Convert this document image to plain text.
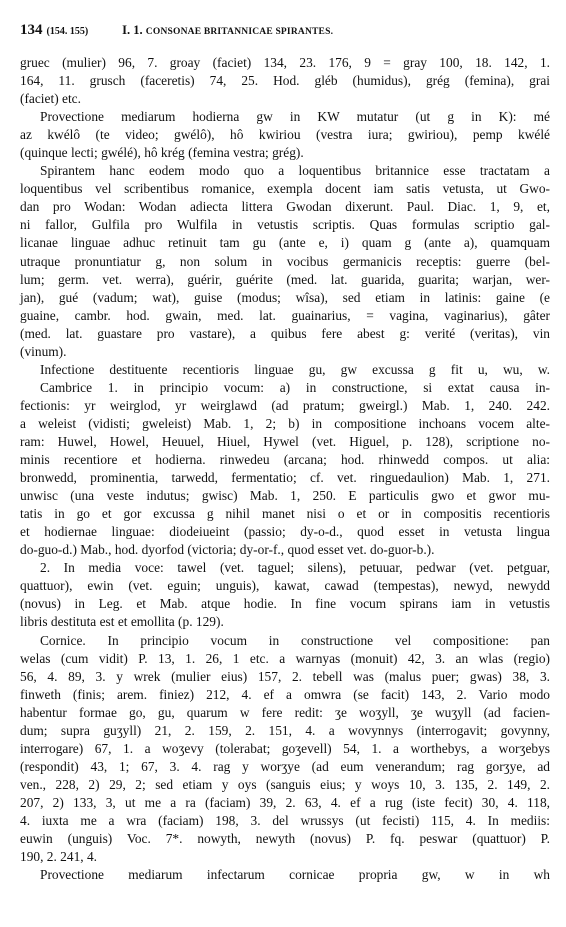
134 (154. 155)	I. 1. CONSONAE BRITANNICAE SPIRANTES.
gruec (mulier) 96, 7. groay (faciet) 134, 23. 176, 9 = gray 100, 18. 142, 1.
164, 11. grusch (faceretis) 74, 25. Hod. gléb (humidus), grég (femina), grai
(faciet) etc.
Provectione mediarum hodierna gw in KW mutatur (ut g in K): mé
az kwélô (te video; gwélô), hô kwiriou (vestra iura; gwiriou), pemp kwélé
(quinque lecti; gwélé), hô krég (femina vestra; grég).
Spirantem hanc eodem modo quo a loquentibus britannice esse tractatam a
loquentibus vel scribentibus romanice, exempla docent iam satis vetusta, ut Gwo-
dan pro Wodan: Wodan adiecta littera Gwodan dixerunt. Paul. Diac. 1, 9, et,
ni fallor, Gulfila pro Wulfila in vetustis scriptis. Quas formulas scriptio gal-
licanae linguae adhuc retinuit tam gu (ante e, i) quam g (ante a), quamquam
utraque pronuntiatur g, non solum in vocibus germanicis receptis: guerre (bel-
lum; germ. vet. werra), guérir, guérite (med. lat. guarida, guarita; warjan, wer-
jan), gué (vadum; wat), guise (modus; wîsa), sed etiam in latinis: gaine (e
guaine, cambr. hod. gwain, med. lat. guainarius, = vagina, vaginarius), gâter
(med. lat. guastare pro vastare), a quibus fere abest g: verité (veritas), vin
(vinum).
Infectione destituente recentioris linguae gu, gw excussa g fit u, wu, w.
Cambrice 1. in principio vocum: a) in constructione, si extat causa in-
fectionis: yr weirglod, yr weirglawd (ad pratum; gweirgl.) Mab. 1, 240. 242.
a weleist (vidisti; gweleist) Mab. 1, 2; b) in compositione inchoans vocem alte-
ram: Huwel, Howel, Heuuel, Hiuel, Hywel (vet. Higuel, p. 128), scriptione no-
minis recentiore et hodierna. rinwedeu (arcana; hod. rhinwedd compos. ut alia:
bronwedd, prominentia, tarwedd, fermentatio; cf. vet. ringuedaulion) Mab. 1, 271.
unwisc (una veste indutus; gwisc) Mab. 1, 250. E particulis gwo et gwor mu-
tatis in go et gor excussa g nihil manet nisi o et or in compositis recentioris
et hodiernae linguae: diodeiueint (passio; dy-o-d., quod esset in vetusta lingua
do-guo-d.) Mab., hod. dyorfod (victoria; dy-or-f., quod esset vet. do-guor-b.).
2. In media voce: tawel (vet. taguel; silens), petuuar, pedwar (vet. petguar,
quattuor), ewin (vet. eguin; unguis), kawat, cawad (tempestas), newyd, newydd
(novus) in Leg. et Mab. atque hodie. In fine vocum spirans iam in vetustis
libris destituta est et emollita (p. 129).
Cornice. In principio vocum in constructione vel compositione: pan
welas (cum vidit) P. 13, 1. 26, 1 etc. a warnyas (monuit) 42, 3. an wlas (regio)
56, 4. 89, 3. y wrek (mulier eius) 157, 2. tebell was (malus puer; gwas) 38, 3.
finweth (finis; arem. finiez) 212, 4. ef a omwra (se facit) 143, 2. Vario modo
habentur formae go, gu, quarum w fere redit: ʒe woʒyll, ʒe wuʒyll (ad facien-
dum; supra guʒyll) 21, 2. 159, 2. 151, 4. a wovynnys (interrogavit; govynny,
interrogare) 67, 1. a woʒevy (tolerabat; goʒevell) 54, 1. a worthebys, a worʒebys
(respondit) 43, 1; 67, 3. 4. rag y worʒye (ad eum venerandum; rag gorʒye, ad
ven., 228, 2) 29, 2; sed etiam y oys (sanguis eius; y woys 10, 3. 135, 2. 149, 2.
207, 2) 133, 3, ut me a ra (faciam) 39, 2. 63, 4. ef a rug (iste fecit) 30, 4. 118,
4. iuxta me a wra (faciam) 198, 3. del wrussys (ut fecisti) 115, 4. In mediis:
euwin (unguis) Voc. 7*. nowyth, newyth (novus) P. fq. peswar (quattuor) P.
190, 2. 241, 4.
Provectione mediarum infectarum cornicae propria gw, w in wh
